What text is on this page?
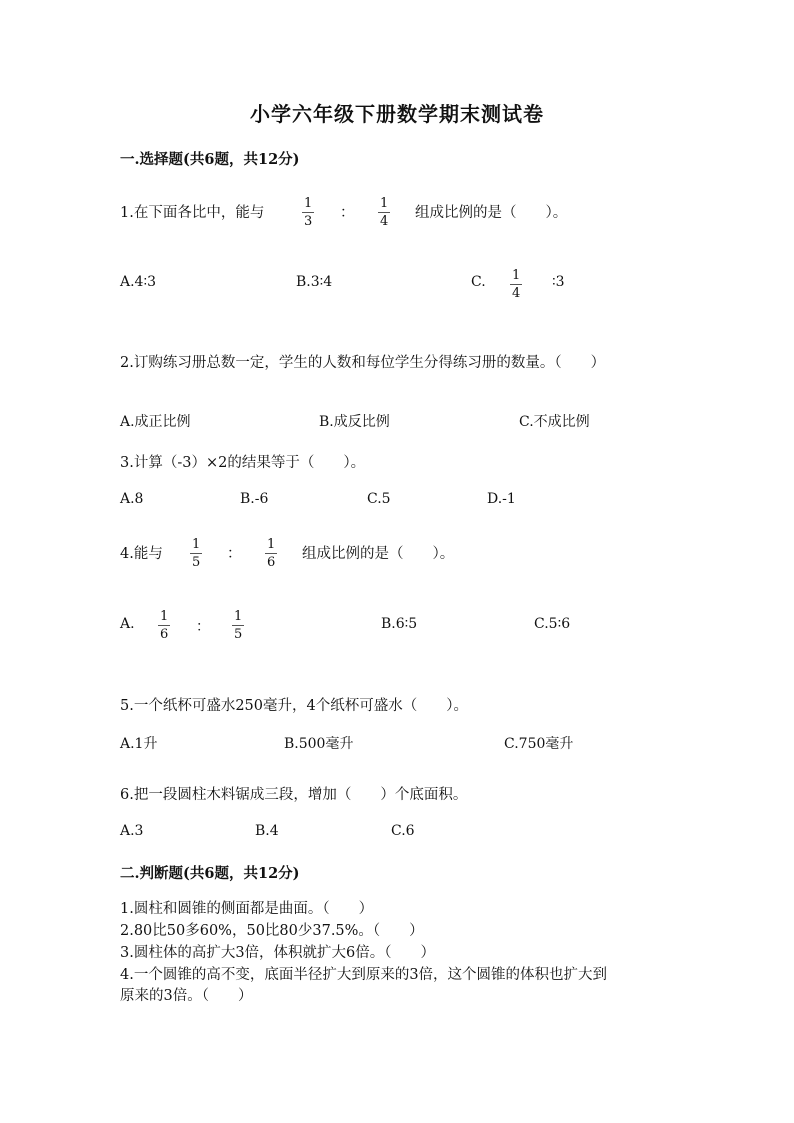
小学六年级下册数学期末测试卷
一.选择题(共6题，共12分)
1.在下面各比中，能与
1
3
：
1
4
组成比例的是（　　）。
A.4∶3	B.3∶4	C. 1
4
∶3
2.订购练习册总数一定，学生的人数和每位学生分得练习册的数量。（　　）
A.成正比例	B.成反比例	C.不成比例
3.计算（-3）×2的结果等于（　　）。
A.8	B.-6	C.5	D.-1
4.能与
1
5
：
1
6
组成比例的是（　　）。
A. 1
6 ：
1
5
B.6∶5	C.5∶6
5.一个纸杯可盛水250毫升，4个纸杯可盛水（　　）。
A.1升	B.500毫升	C.750毫升
6.把一段圆柱木料锯成三段，增加（　　）个底面积。
A.3	B.4	C.6
二.判断题(共6题，共12分)
1.圆柱和圆锥的侧面都是曲面。（　　）
2.80比50多60%，50比80少37.5%。（　　）
3.圆柱体的高扩大3倍，体积就扩大6倍。（　　）
4.一个圆锥的高不变，底面半径扩大到原来的3倍，这个圆锥的体积也扩大到
原来的3倍。（　　）
